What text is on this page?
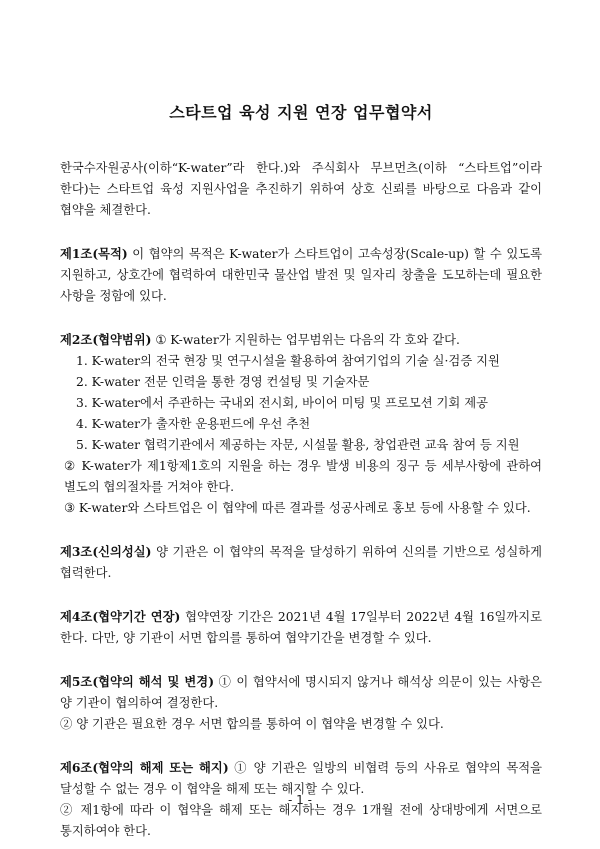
스타트업 육성 지원 연장 업무협약서

한국수자원공사(이하“K-water”라 한다.)와 주식회사 무브먼츠(이하 “스타트업”이라 한다)는 스타트업 육성 지원사업을 추진하기 위하여 상호 신뢰를 바탕으로 다음과 같이 협약을 체결한다.

제1조(목적) 이 협약의 목적은 K-water가 스타트업이 고속성장(Scale-up) 할 수 있도록 지원하고, 상호간에 협력하여 대한민국 물산업 발전 및 일자리 창출을 도모하는데 필요한 사항을 정함에 있다.

제2조(협약범위) ① K-water가 지원하는 업무범위는 다음의 각 호와 같다.

1. K-water의 전국 현장 및 연구시설을 활용하여 참여기업의 기술 실·검증 지원
2. K-water 전문 인력을 통한 경영 컨설팅 및 기술자문
3. K-water에서 주관하는 국내외 전시회, 바이어 미팅 및 프로모션 기회 제공
4. K-water가 출자한 운용펀드에 우선 추천
5. K-water 협력기관에서 제공하는 자문, 시설물 활용, 창업관련 교육 참여 등 지원

② K-water가 제1항제1호의 지원을 하는 경우 발생 비용의 징구 등 세부사항에 관하여 별도의 협의절차를 거쳐야 한다.

③ K-water와 스타트업은 이 협약에 따른 결과를 성공사례로 홍보 등에 사용할 수 있다.

제3조(신의성실) 양 기관은 이 협약의 목적을 달성하기 위하여 신의를 기반으로 성실하게 협력한다.

제4조(협약기간 연장) 협약연장 기간은 2021년 4월 17일부터 2022년 4월 16일까지로 한다. 다만, 양 기관이 서면 합의를 통하여 협약기간을 변경할 수 있다.

제5조(협약의 해석 및 변경) ① 이 협약서에 명시되지 않거나 해석상 의문이 있는 사항은 양 기관이 협의하여 결정한다.

② 양 기관은 필요한 경우 서면 합의를 통하여 이 협약을 변경할 수 있다.

제6조(협약의 해제 또는 해지) ① 양 기관은 일방의 비협력 등의 사유로 협약의 목적을 달성할 수 없는 경우 이 협약을 해제 또는 해지할 수 있다.

② 제1항에 따라 이 협약을 해제 또는 해지하는 경우 1개월 전에 상대방에게 서면으로 통지하여야 한다.

- 1 -
